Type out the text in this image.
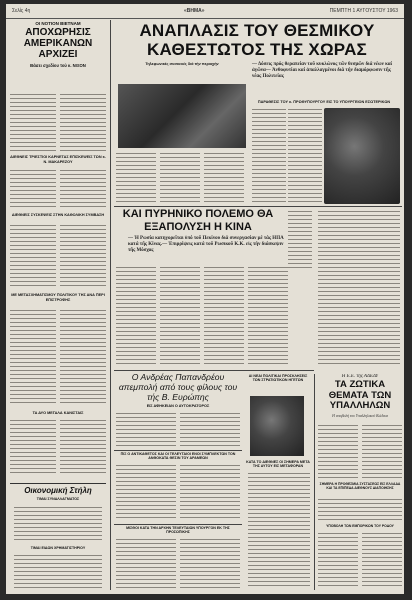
Σελίς 4η	«ΒΗΜΑ»	ΠΕΜΠΤΗ 1 ΑΥΓΟΥΣΤΟΥ 1963
ΟΙ ΝΟΤΙΟΝ ΒΙΕΤΝΑΜ
ΑΠΟΧΩΡΗΣΙΣ ΑΜΕΡΙΚΑΝΩΝ ΑΡΧΙΖΕΙ
Βάσει σχεδίου τού κ. ΝΙΞΟΝ
ΔΙΕΘΝΕΙΣ ΤΡΙΕΣΤΙΟΙ ΚΑΡΝΕΤΑΣ ΕΠΙΣΚΕΨΕΙΣ ΤΩΝ κ. Ν. ΜΑΚΑΡΕΖΟΥ
ΔΙΕΘΝΕΙΣ ΣΥΣΚΕΨΕΙΣ ΣΤΗΝ ΚΑΘΟΛΙΚΗ ΣΥΜΒΑΣΗ
ΜΕ ΜΕΤΑΣΧΗΜΑΤΙΣΜΟΥ ΠΟΛΙΤΙΚΟΥ ΤΗΣ ΑΝΑ ΠΕΡΙ ΕΠΙΣΤΡΟΦΗΣ
ΤΑ ΔΥΟ ΜΕΓΑΛΑ ΚΑΝΙΣΤΑΙΣ
Οικονομική Στήλη
ΤΙΜΑΙ ΣΥΝΑΛΛΑΓΜΑΤΟΣ
ΤΙΜΑΙ ΕΙΔΩΝ ΧΡΗΜΑΤΙΣΤΗΡΙΟΥ
ΑΝΑΠΛΑΣΙΣ ΤΟΥ ΘΕΣΜΙΚΟΥ ΚΑΘΕΣΤΩΤΟΣ ΤΗΣ ΧΩΡΑΣ
Τηλεφωνικές συσκευές διά τήν περιοχήν	— Δόσεις πρός θεραπείαν τοῦ κυκλώνος τῶν θεσμῶν διά νέων καί ἀγῶνα— Ἀνθοφυτίαι καί ἀπαλλαγμένοι διά τήν διαμόρφωσιν τῆς νέας Πολιτείας
ΠΑΡΑΘΕΣΙΣ ΤΟΥ κ. ΠΡΩΘΥΠΟΥΡΓΟΥ ΕΙΣ ΤΟ ΥΠΟΥΡΓΕΙΟΝ ΕΣΩΤΕΡΙΚΩΝ
ΚΑΙ ΠΥΡΗΝΙΚΟ ΠΟΛΕΜΟ ΘΑ ΕΞΑΠΟΛΥΣΗ Η ΚΙΝΑ
— Ἡ Ρωσία κατηγορεῖται ὑπό τοῦ Πεκίνου διά συνεργασίαν μέ τάς ΗΠΑ κατά τῆς Κίνας.— Ἐπιρρίψεις κατά τοῦ Ρωσικοῦ Κ.Κ. εἰς τήν διάσκεψιν τῆς Μόσχας
Ο Ανδρέας Παπανδρέου απεμπολή από τους φίλους του τής Β. Ευρώπης
ΕΙΣ ΑΦΗΚΕΙΑΝ Ο ΑΥΤΟΚΡΑΤΟΡΟΣ
ΠΙΣ Ο ΑΝΤΙΚΑΘΕΤΟΣ ΚΑΙ ΟΙ ΤΕΛΕΥΤΑΙΟΙ ΕΝΟΙ ΣΥΜΠΛΕΚΤΩΝ ΤΟΝ ΑΝΘΟΚΑΤΑ ΘΕΣΙΝ ΤΟΥ ΑΡΑΜΕΩΝ
ΜΙΣΘΟΙ ΚΑΤΑ ΤΗΝ ΑΡΧΗΝ ΤΕΛΕΥΤΑΙΩΝ ΥΠΟΥΡΓΟΝ ΕΚ ΤΗΣ ΠΡΟΣΩΠΙΚΗΣ
ΑΙ ΝΕΑΙ ΠΟΛΙΤΙΚΑΙ ΠΡΟΣΚΛΗΣΕΙΣ ΤΩΝ ΣΤΡΑΤΙΩΤΙΚΩΝ ΗΓΕΤΩΝ
ΚΑΤΑ ΤΟ ΔΙΕΘΝΕΣ ΟΙ ΣΗΜΕΡΑ ΜΕΤΑ ΤΗΣ ΑΥΤΟΥ ΕΙΣ ΜΕΤΑΦΟΡΑΝ
Η Ε.Ε. τής ΑΔΕΔΥ
ΤΑ ΖΩΤΙΚΑ ΘΕΜΑΤΑ ΤΩΝ ΥΠΑΛΛΗΛΩΝ
Η αποβολή του Υπαλληλικού Κώδικα
ΣΗΜΕΡΑ Η ΠΡΟΘΕΣΜΙΑ ΣΥΣΤΑΣΕΩΣ ΕΙΣ ΕΛΛΑΔΑ ΚΑΙ ΤΑ ΕΠΙΠΕΔΑ ΔΙΕΘΝΟΥΣ ΔΙΑΠΟΙΗΣΗΣ
ΥΠΟΒΟΛΗ ΤΩΝ ΕΜΠΟΡΙΚΩΝ ΤΟΥ ΡΟΔΟΥ
